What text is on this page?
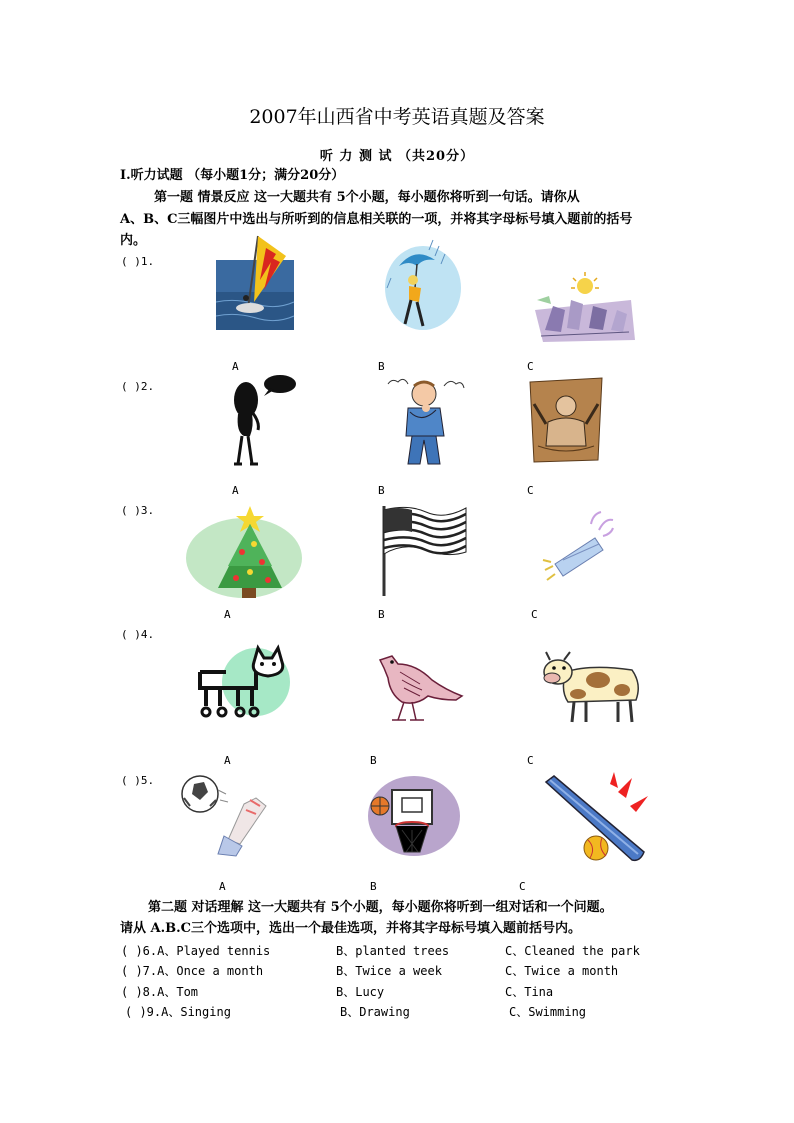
2007年山西省中考英语真题及答案
听 力 测 试 （共20分）
I.听力试题 （每小题1分；满分20分）
第一题 情景反应 这一大题共有 5个小题，每小题你将听到一句话。请你从
A、B、C三幅图片中选出与所听到的信息相关联的一项，并将其字母标号填入题前的括号
内。
( )1.
A	B	C
( )2.
A	B	C
( )3.
A	B	C
( )4.
A	B	C
( )5.
A	B	C
第二题 对话理解 这一大题共有 5个小题，每小题你将听到一组对话和一个问题。
请从 A.B.C三个选项中，选出一个最佳选项，并将其字母标号填入题前括号内。
( )6.A、Played tennis	B、planted trees	C、Cleaned the park
( )7.A、Once a month	B、Twice a week	C、Twice a month
( )8.A、Tom	B、Lucy	C、Tina
( )9.A、Singing	B、Drawing	C、Swimming
